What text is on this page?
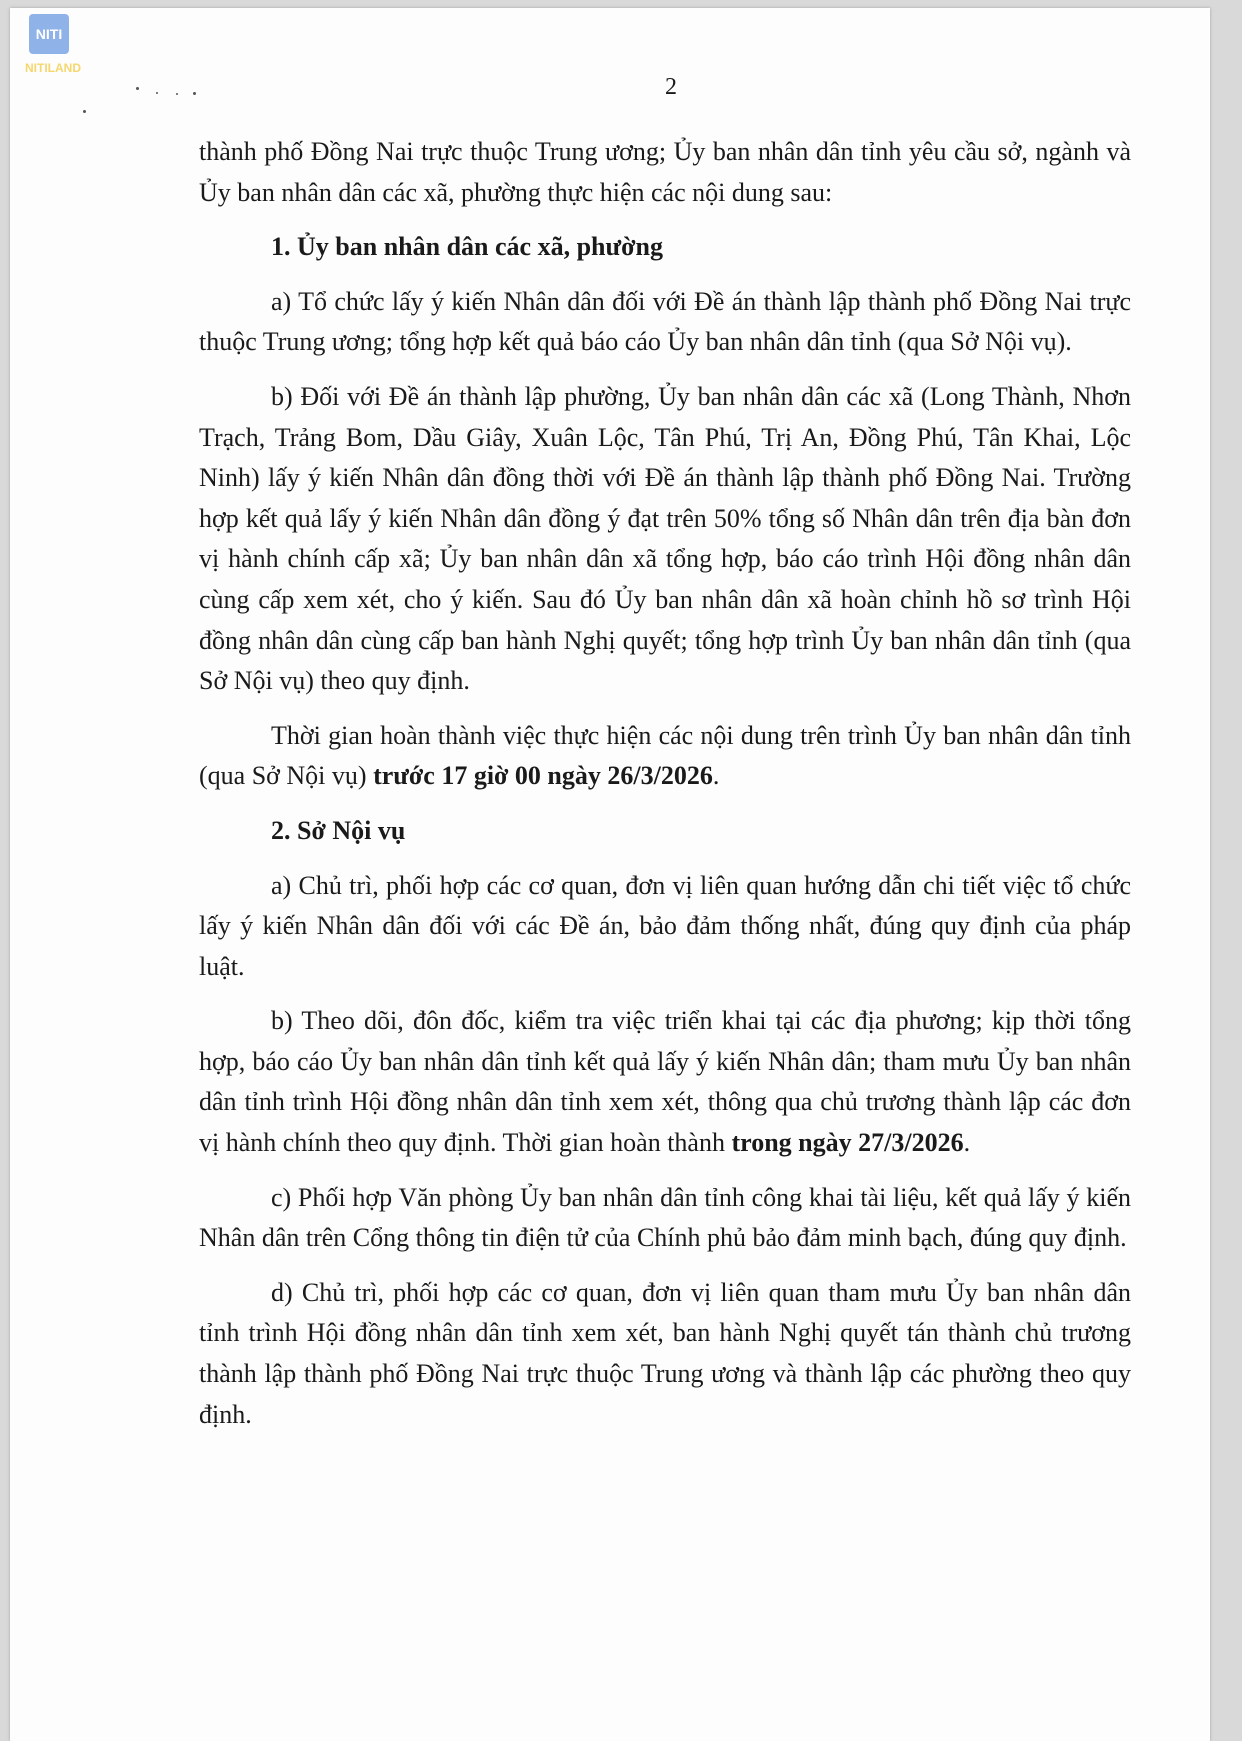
NITI
NITILAND
2

thành phố Đồng Nai trực thuộc Trung ương; Ủy ban nhân dân tỉnh yêu cầu sở, ngành và Ủy ban nhân dân các xã, phường thực hiện các nội dung sau:

1. Ủy ban nhân dân các xã, phường

a) Tổ chức lấy ý kiến Nhân dân đối với Đề án thành lập thành phố Đồng Nai trực thuộc Trung ương; tổng hợp kết quả báo cáo Ủy ban nhân dân tỉnh (qua Sở Nội vụ).

b) Đối với Đề án thành lập phường, Ủy ban nhân dân các xã (Long Thành, Nhơn Trạch, Trảng Bom, Dầu Giây, Xuân Lộc, Tân Phú, Trị An, Đồng Phú, Tân Khai, Lộc Ninh) lấy ý kiến Nhân dân đồng thời với Đề án thành lập thành phố Đồng Nai. Trường hợp kết quả lấy ý kiến Nhân dân đồng ý đạt trên 50% tổng số Nhân dân trên địa bàn đơn vị hành chính cấp xã; Ủy ban nhân dân xã tổng hợp, báo cáo trình Hội đồng nhân dân cùng cấp xem xét, cho ý kiến. Sau đó Ủy ban nhân dân xã hoàn chỉnh hồ sơ trình Hội đồng nhân dân cùng cấp ban hành Nghị quyết; tổng hợp trình Ủy ban nhân dân tỉnh (qua Sở Nội vụ) theo quy định.

Thời gian hoàn thành việc thực hiện các nội dung trên trình Ủy ban nhân dân tỉnh (qua Sở Nội vụ) trước 17 giờ 00 ngày 26/3/2026.

2. Sở Nội vụ

a) Chủ trì, phối hợp các cơ quan, đơn vị liên quan hướng dẫn chi tiết việc tổ chức lấy ý kiến Nhân dân đối với các Đề án, bảo đảm thống nhất, đúng quy định của pháp luật.

b) Theo dõi, đôn đốc, kiểm tra việc triển khai tại các địa phương; kịp thời tổng hợp, báo cáo Ủy ban nhân dân tỉnh kết quả lấy ý kiến Nhân dân; tham mưu Ủy ban nhân dân tỉnh trình Hội đồng nhân dân tỉnh xem xét, thông qua chủ trương thành lập các đơn vị hành chính theo quy định. Thời gian hoàn thành trong ngày 27/3/2026.

c) Phối hợp Văn phòng Ủy ban nhân dân tỉnh công khai tài liệu, kết quả lấy ý kiến Nhân dân trên Cổng thông tin điện tử của Chính phủ bảo đảm minh bạch, đúng quy định.

d) Chủ trì, phối hợp các cơ quan, đơn vị liên quan tham mưu Ủy ban nhân dân tỉnh trình Hội đồng nhân dân tỉnh xem xét, ban hành Nghị quyết tán thành chủ trương thành lập thành phố Đồng Nai trực thuộc Trung ương và thành lập các phường theo quy định.
